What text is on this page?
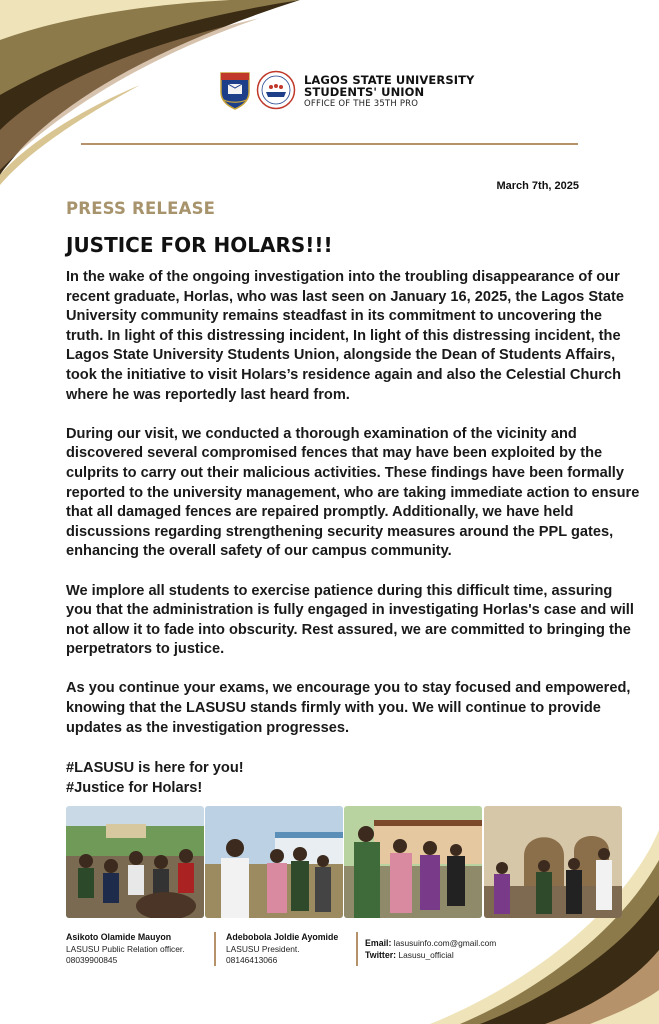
LAGOS STATE UNIVERSITY
STUDENTS' UNION
OFFICE OF THE 35TH PRO
March 7th, 2025
PRESS RELEASE
JUSTICE FOR HOLARS!!!

In the wake of the ongoing investigation into the troubling disappearance of our recent graduate, Horlas, who was last seen on January 16, 2025, the Lagos State University community remains steadfast in its commitment to uncovering the truth. In light of this distressing incident, In light of this distressing incident, the Lagos State University Students Union, alongside the Dean of Students Affairs, took the initiative to visit Holars’s residence again and also the Celestial Church where he was reportedly last heard from.

During our visit, we conducted a thorough examination of the vicinity and discovered several compromised fences that may have been exploited by the culprits to carry out their malicious activities. These findings have been formally reported to the university management, who are taking immediate action to ensure that all damaged fences are repaired promptly. Additionally, we have held discussions regarding strengthening security measures around the PPL gates, enhancing the overall safety of our campus community.

We implore all students to exercise patience during this difficult time, assuring you that the administration is fully engaged in investigating Horlas's case and will not allow it to fade into obscurity. Rest assured, we are committed to bringing the perpetrators to justice.

As you continue your exams, we encourage you to stay focused and empowered, knowing that the LASUSU stands firmly with you. We will continue to provide updates as the investigation progresses.

#LASUSU is here for you!
#Justice for Holars!
Asikoto Olamide Mauyon
LASUSU Public Relation officer.
08039900845
Adebobola Joldie Ayomide
LASUSU President.
08146413066
Email: lasusuinfo.com@gmail.com
Twitter: Lasusu_official
